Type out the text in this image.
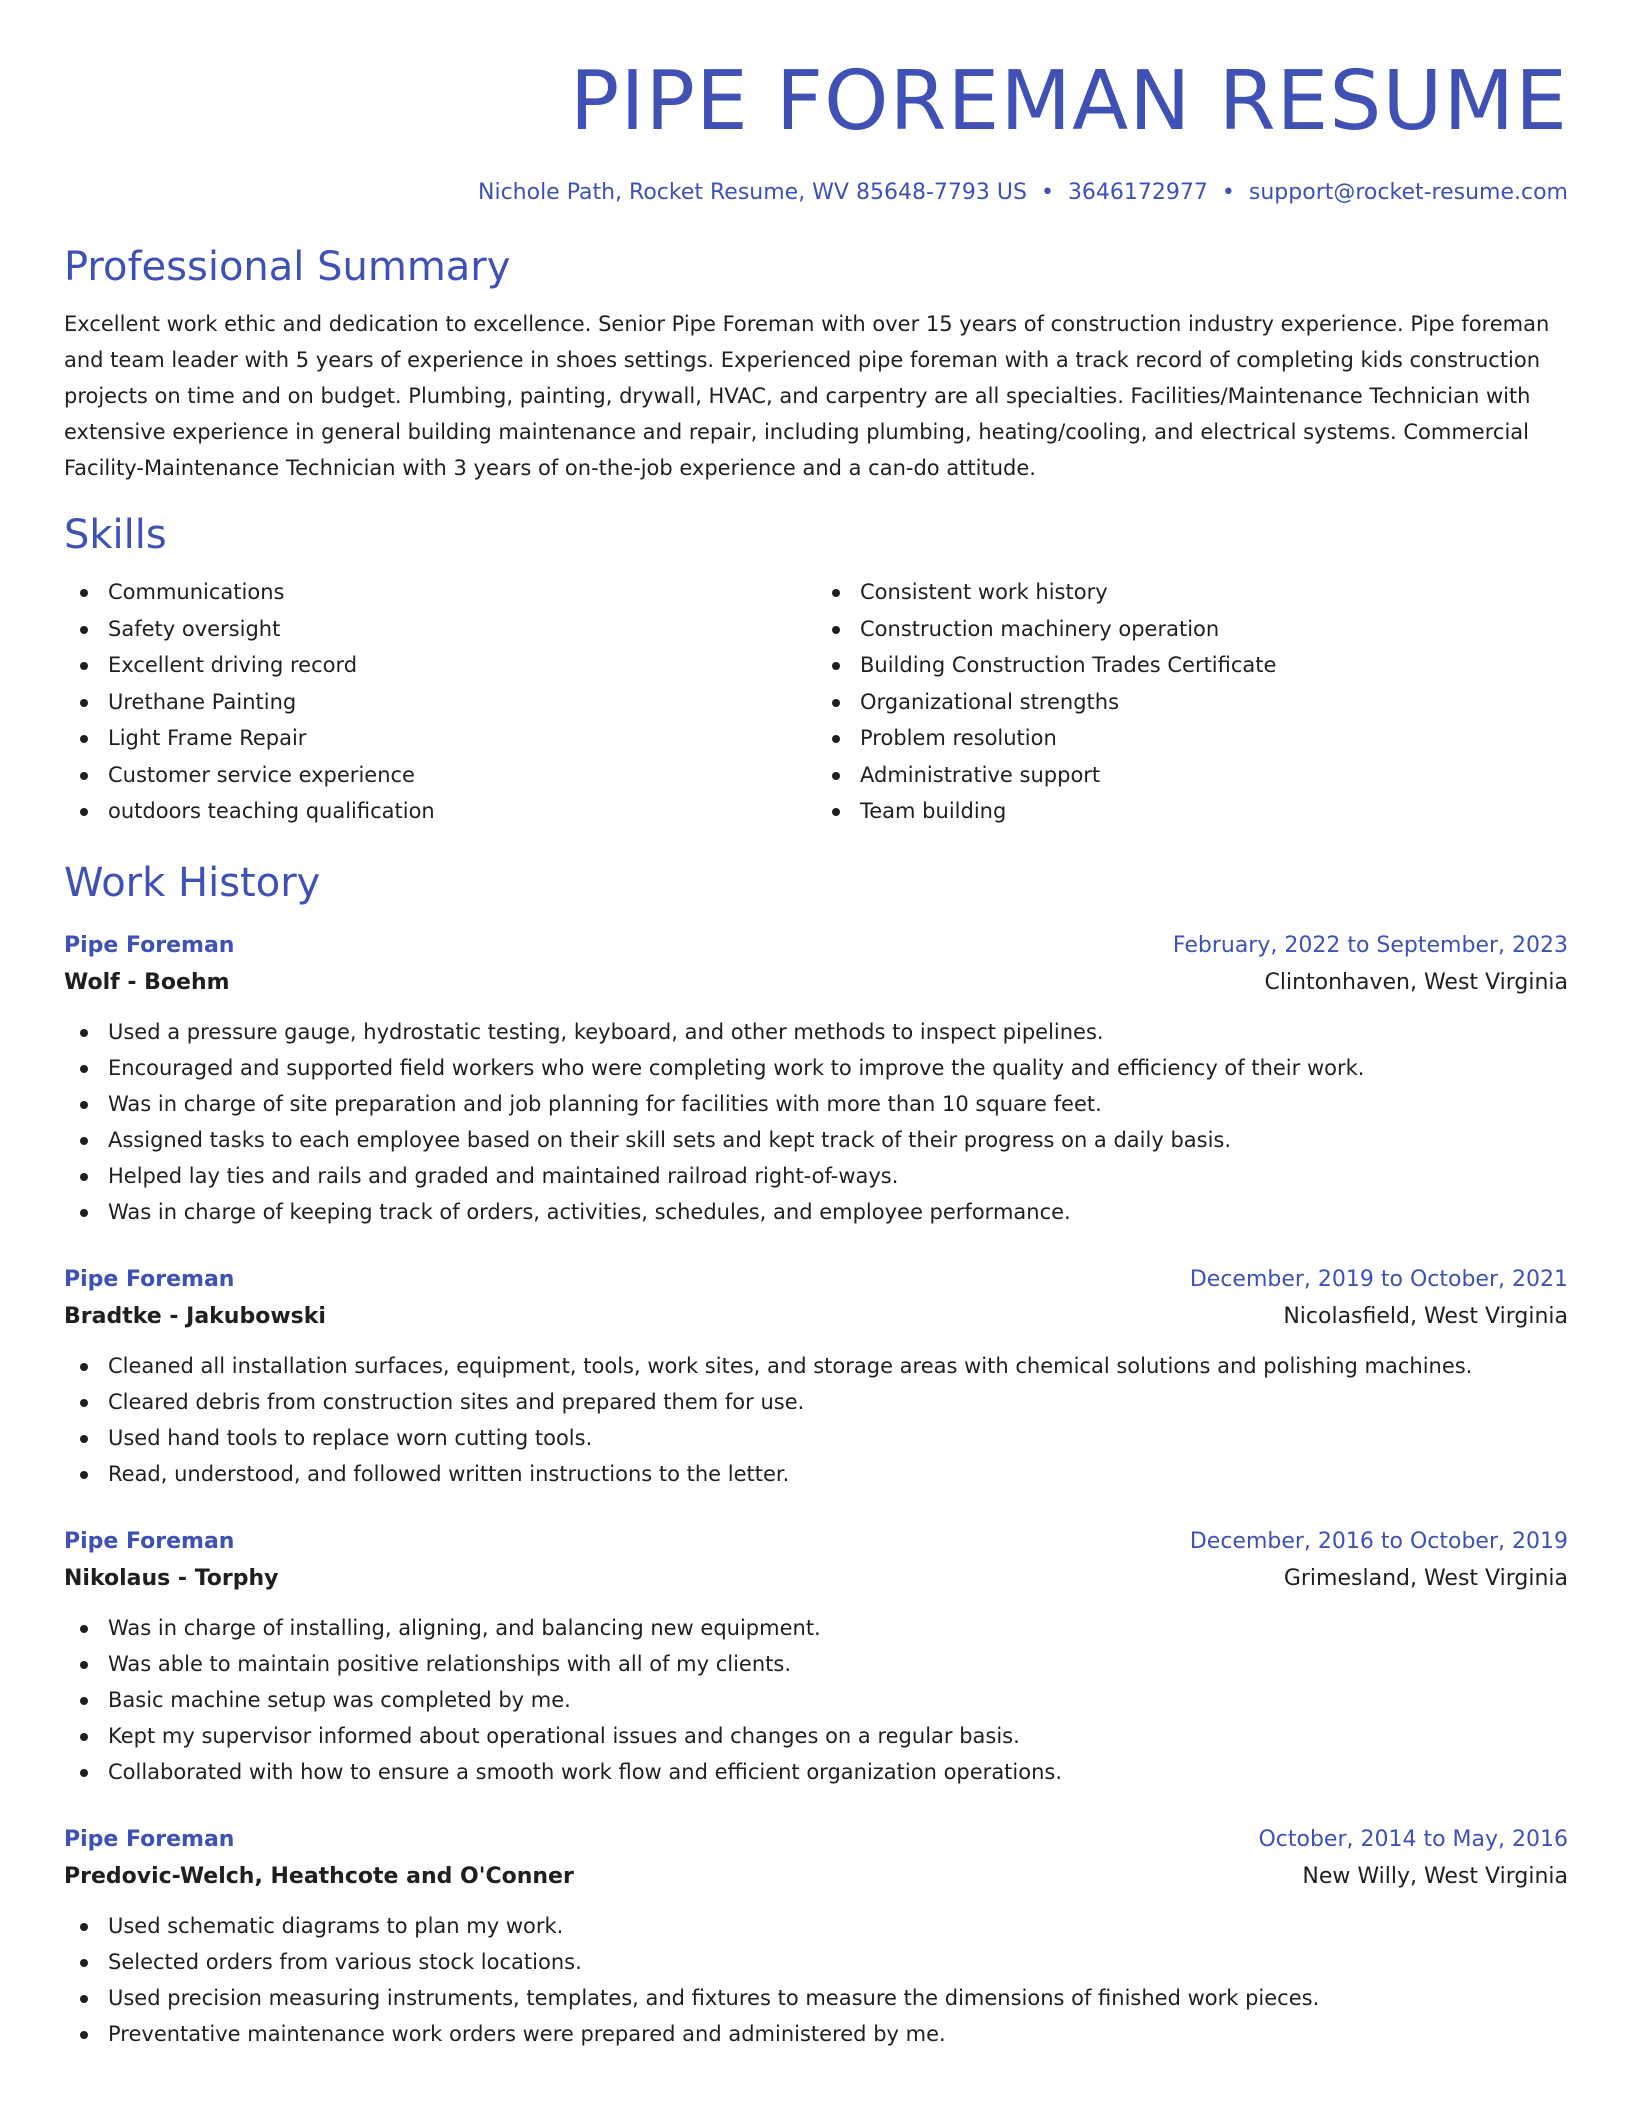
PIPE FOREMAN RESUME
Nichole Path, Rocket Resume, WV 85648-7793 US • 3646172977 • support@rocket-resume.com
Professional Summary

Excellent work ethic and dedication to excellence. Senior Pipe Foreman with over 15 years of construction industry experience. Pipe foreman and team leader with 5 years of experience in shoes settings. Experienced pipe foreman with a track record of completing kids construction projects on time and on budget. Plumbing, painting, drywall, HVAC, and carpentry are all specialties. Facilities/Maintenance Technician with extensive experience in general building maintenance and repair, including plumbing, heating/cooling, and electrical systems. Commercial Facility-Maintenance Technician with 3 years of on-the-job experience and a can-do attitude.

Skills
Communications
Safety oversight
Excellent driving record
Urethane Painting
Light Frame Repair
Customer service experience
outdoors teaching qualification
Consistent work history
Construction machinery operation
Building Construction Trades Certificate
Organizational strengths
Problem resolution
Administrative support
Team building
Work History
Pipe Foreman	February, 2022 to September, 2023
Wolf - Boehm	Clintonhaven, West Virginia
Used a pressure gauge, hydrostatic testing, keyboard, and other methods to inspect pipelines.
Encouraged and supported field workers who were completing work to improve the quality and efficiency of their work.
Was in charge of site preparation and job planning for facilities with more than 10 square feet.
Assigned tasks to each employee based on their skill sets and kept track of their progress on a daily basis.
Helped lay ties and rails and graded and maintained railroad right-of-ways.
Was in charge of keeping track of orders, activities, schedules, and employee performance.
Pipe Foreman	December, 2019 to October, 2021
Bradtke - Jakubowski	Nicolasfield, West Virginia
Cleaned all installation surfaces, equipment, tools, work sites, and storage areas with chemical solutions and polishing machines.
Cleared debris from construction sites and prepared them for use.
Used hand tools to replace worn cutting tools.
Read, understood, and followed written instructions to the letter.
Pipe Foreman	December, 2016 to October, 2019
Nikolaus - Torphy	Grimesland, West Virginia
Was in charge of installing, aligning, and balancing new equipment.
Was able to maintain positive relationships with all of my clients.
Basic machine setup was completed by me.
Kept my supervisor informed about operational issues and changes on a regular basis.
Collaborated with how to ensure a smooth work flow and efficient organization operations.
Pipe Foreman	October, 2014 to May, 2016
Predovic-Welch, Heathcote and O'Conner	New Willy, West Virginia
Used schematic diagrams to plan my work.
Selected orders from various stock locations.
Used precision measuring instruments, templates, and fixtures to measure the dimensions of finished work pieces.
Preventative maintenance work orders were prepared and administered by me.
